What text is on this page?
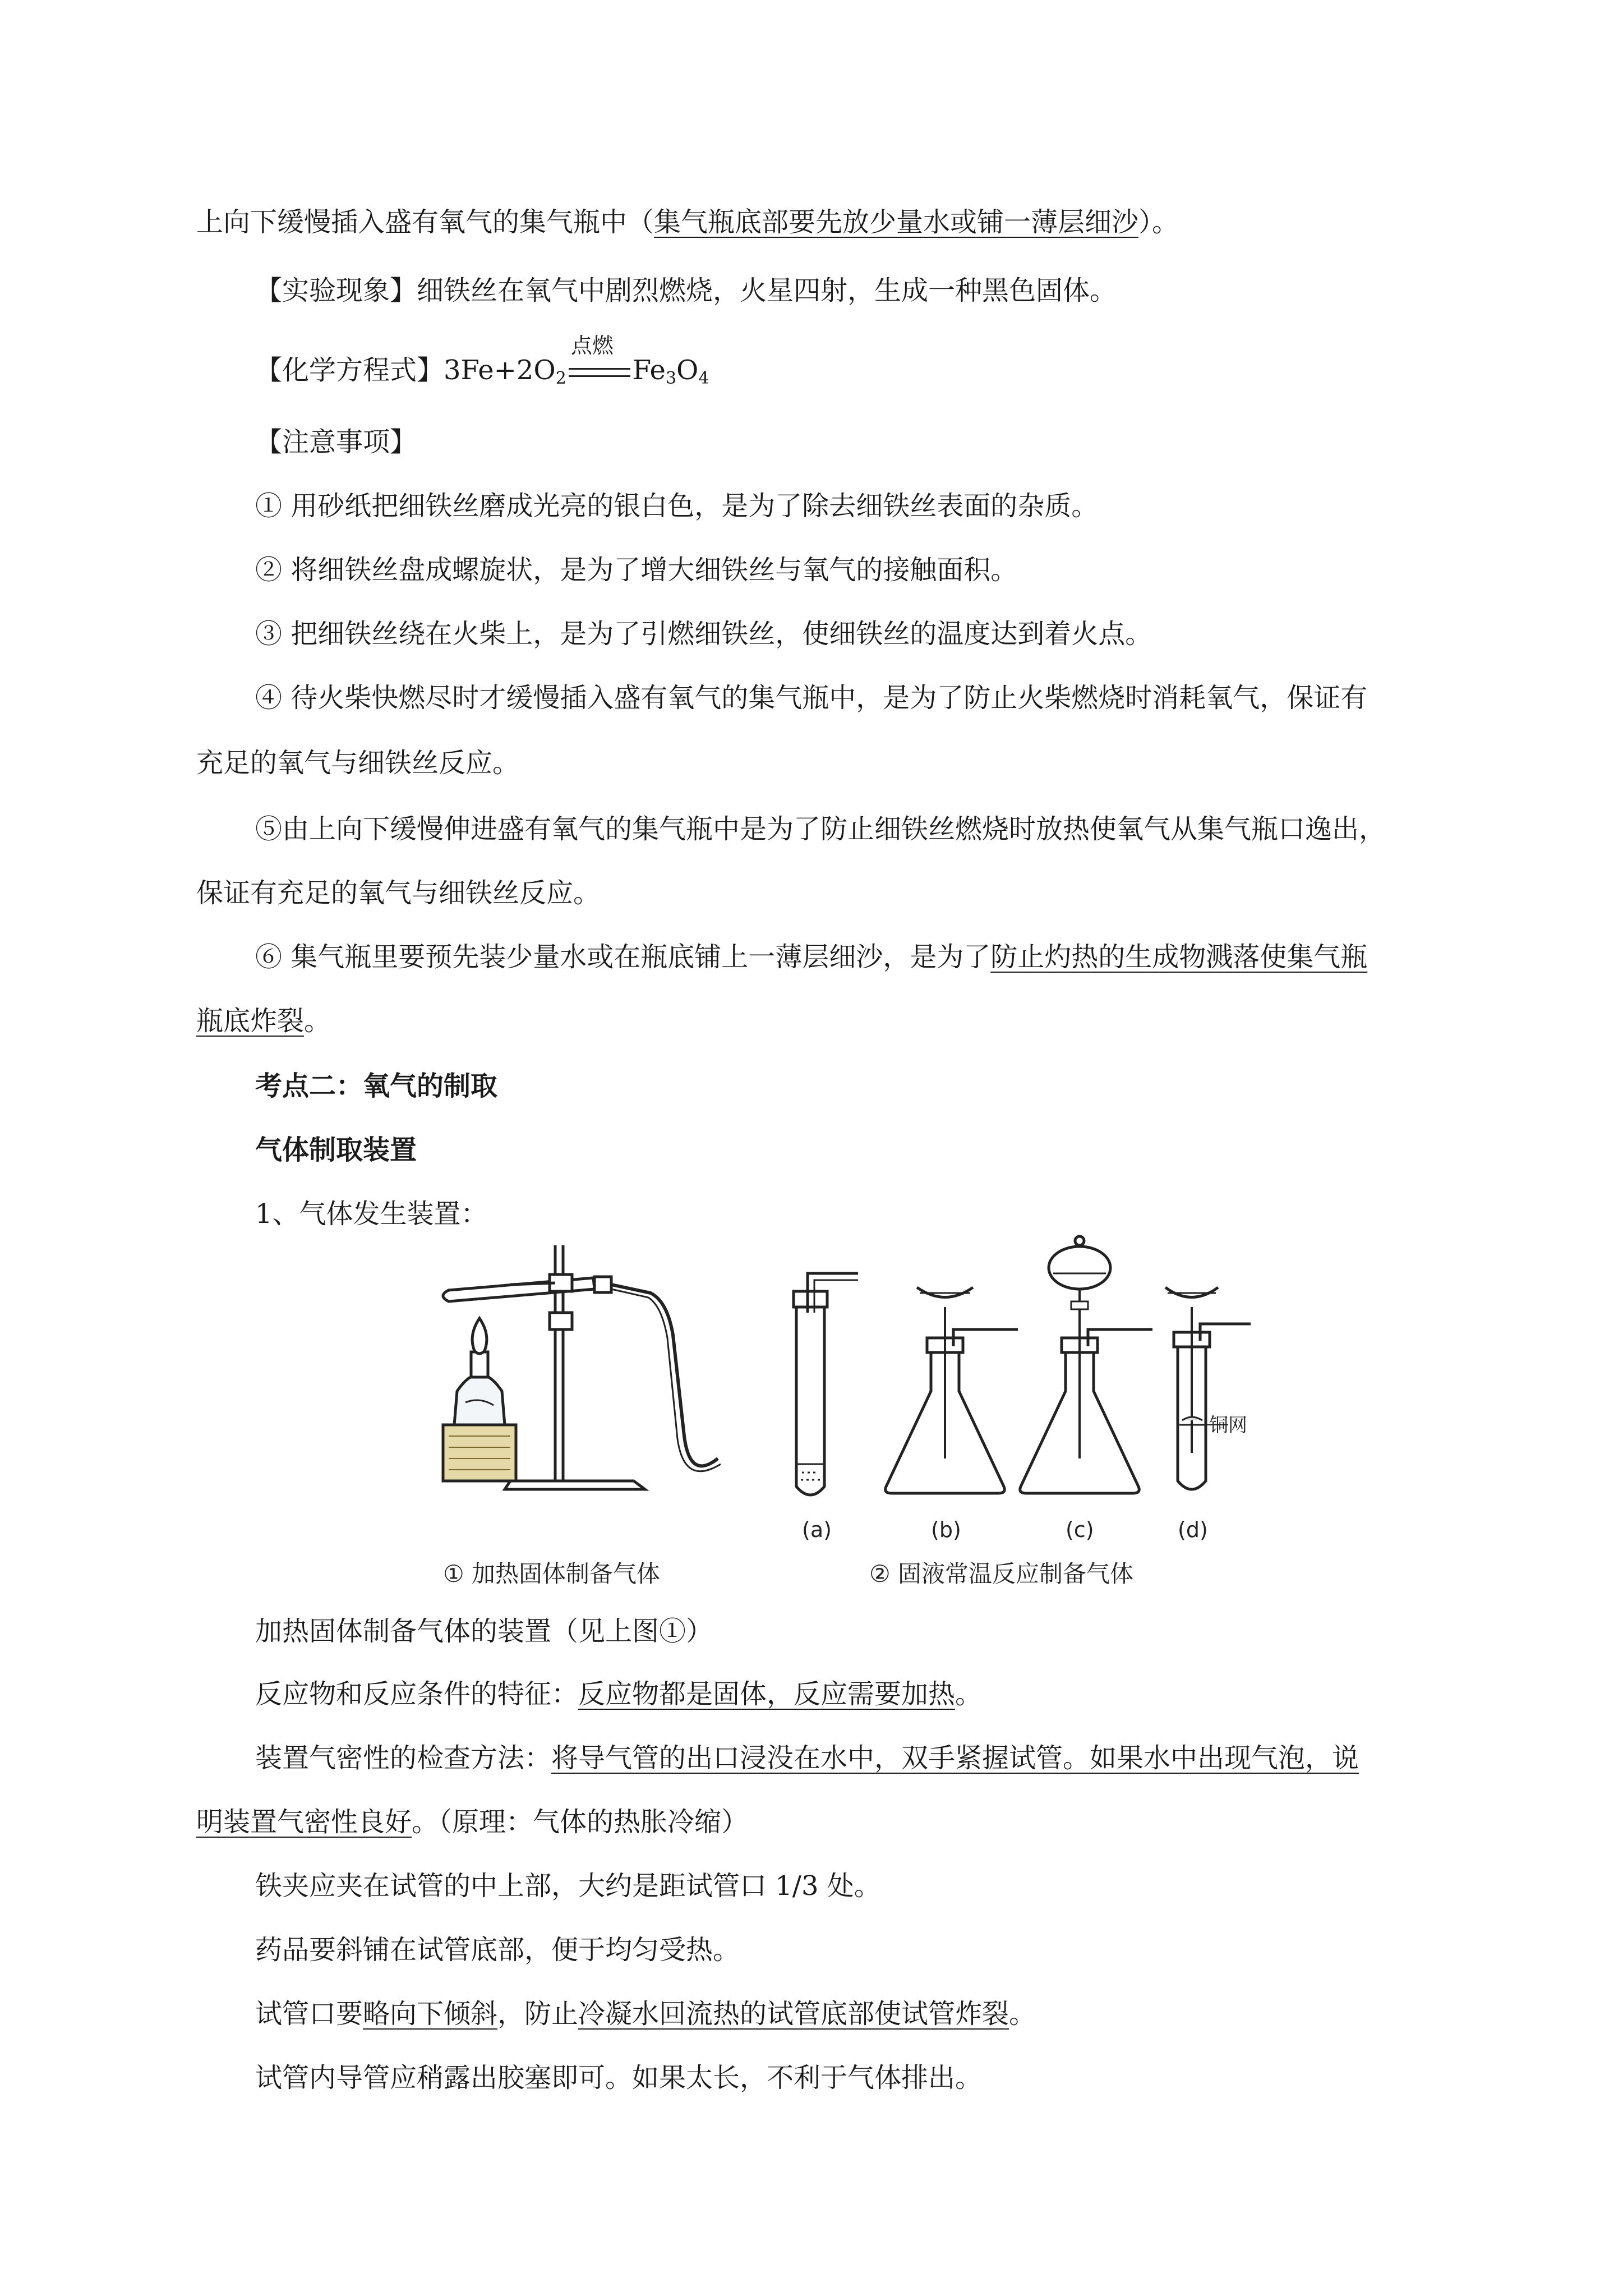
上向下缓慢插入盛有氧气的集气瓶中（集气瓶底部要先放少量水或铺一薄层细沙）。
【实验现象】细铁丝在氧气中剧烈燃烧，火星四射，生成一种黑色固体。
【化学方程式】$3Fe+2O_2$
点燃
$Fe_3O_4$
【注意事项】
① 用砂纸把细铁丝磨成光亮的银白色，是为了除去细铁丝表面的杂质。
② 将细铁丝盘成螺旋状，是为了增大细铁丝与氧气的接触面积。
③ 把细铁丝绕在火柴上，是为了引燃细铁丝，使细铁丝的温度达到着火点。
④ 待火柴快燃尽时才缓慢插入盛有氧气的集气瓶中，是为了防止火柴燃烧时消耗氧气，保证有
充足的氧气与细铁丝反应。
⑤由上向下缓慢伸进盛有氧气的集气瓶中是为了防止细铁丝燃烧时放热使氧气从集气瓶口逸出，
保证有充足的氧气与细铁丝反应。
⑥ 集气瓶里要预先装少量水或在瓶底铺上一薄层细沙，是为了防止灼热的生成物溅落使集气瓶
瓶底炸裂。
考点二：氧气的制取
气体制取装置
1、气体发生装置：
(a)	(b)	(c)	(d)
铜网
① 加热固体制备气体	② 固液常温反应制备气体
加热固体制备气体的装置（见上图①）
反应物和反应条件的特征：反应物都是固体，反应需要加热。
装置气密性的检查方法：将导气管的出口浸没在水中，双手紧握试管。如果水中出现气泡，说
明装置气密性良好。（原理：气体的热胀冷缩）
铁夹应夹在试管的中上部，大约是距试管口 1/3 处。
药品要斜铺在试管底部，便于均匀受热。
试管口要略向下倾斜，防止冷凝水回流热的试管底部使试管炸裂。
试管内导管应稍露出胶塞即可。如果太长，不利于气体排出。
